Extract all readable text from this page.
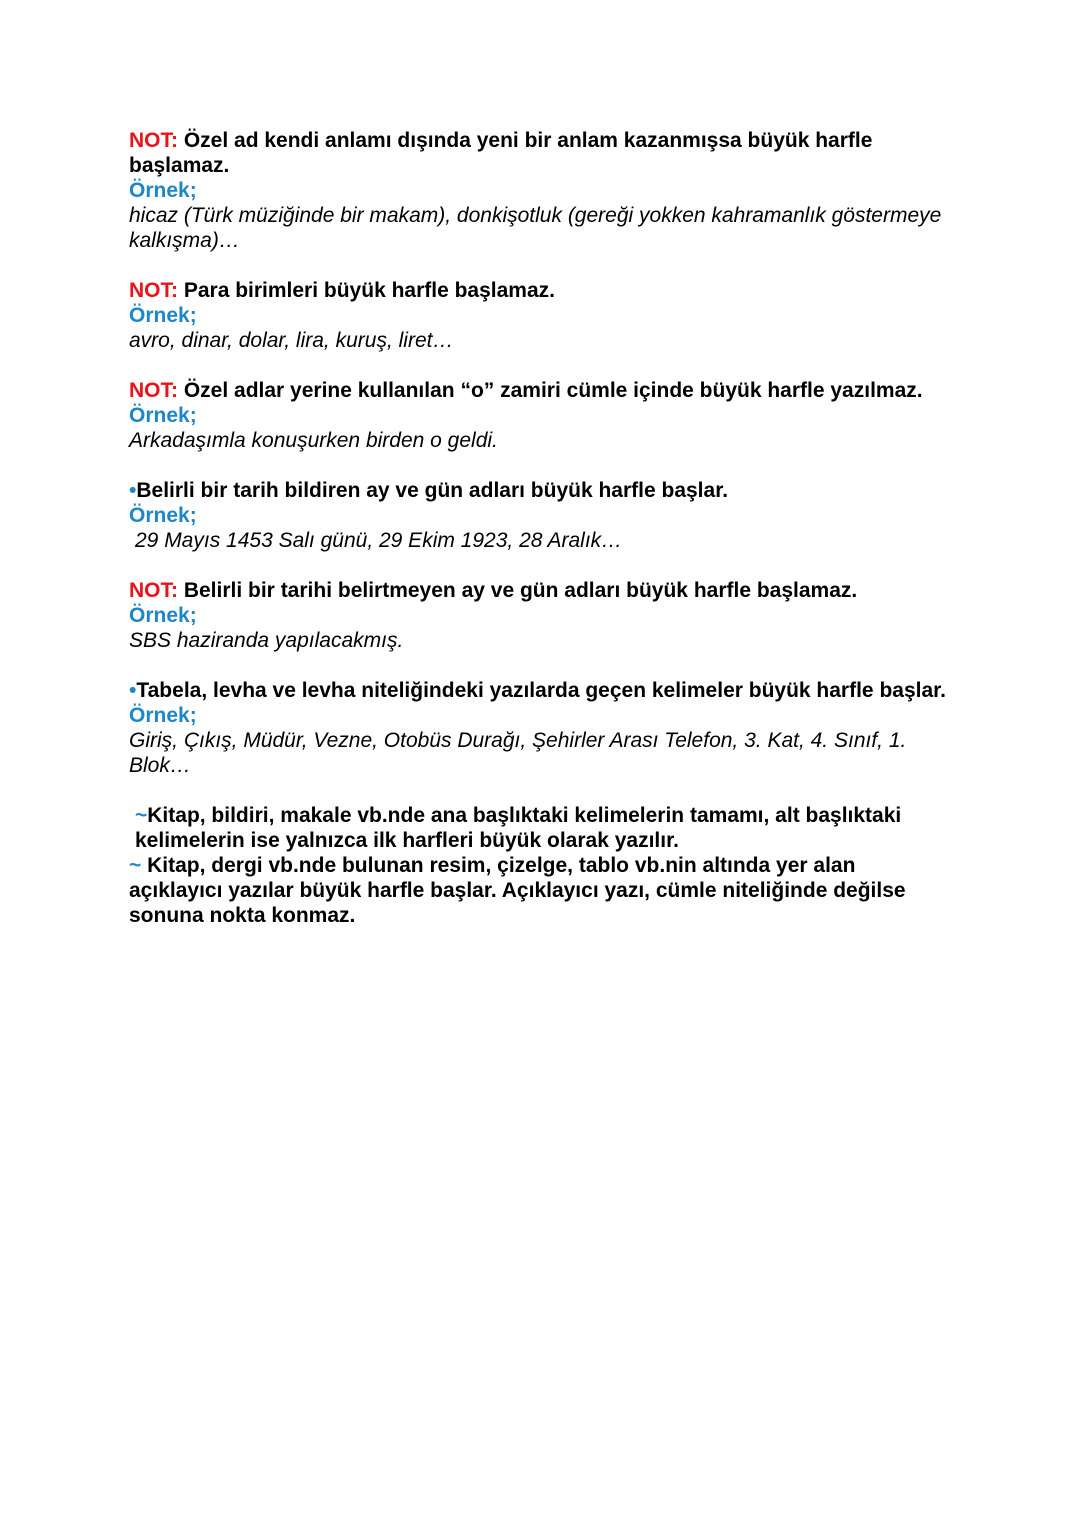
NOT: Özel ad kendi anlamı dışında yeni bir anlam kazanmışsa büyük harfle başlamaz.
Örnek;
hicaz (Türk müziğinde bir makam), donkişotluk (gereği yokken kahramanlık göstermeye kalkışma)…
NOT: Para birimleri büyük harfle başlamaz.
Örnek;
avro, dinar, dolar, lira, kuruş, liret…
NOT: Özel adlar yerine kullanılan “o” zamiri cümle içinde büyük harfle yazılmaz.
Örnek;
Arkadaşımla konuşurken birden o geldi.
•Belirli bir tarih bildiren ay ve gün adları büyük harfle başlar.
Örnek;
29 Mayıs 1453 Salı günü, 29 Ekim 1923, 28 Aralık…
NOT: Belirli bir tarihi belirtmeyen ay ve gün adları büyük harfle başlamaz.
Örnek;
SBS haziranda yapılacakmış.
•Tabela, levha ve levha niteliğindeki yazılarda geçen kelimeler büyük harfle başlar.
Örnek;
Giriş, Çıkış, Müdür, Vezne, Otobüs Durağı, Şehirler Arası Telefon, 3. Kat, 4. Sınıf, 1. Blok…
~Kitap, bildiri, makale vb.nde ana başlıktaki kelimelerin tamamı, alt başlıktaki kelimelerin ise yalnızca ilk harfleri büyük olarak yazılır.
~ Kitap, dergi vb.nde bulunan resim, çizelge, tablo vb.nin altında yer alan açıklayıcı yazılar büyük harfle başlar. Açıklayıcı yazı, cümle niteliğinde değilse sonuna nokta konmaz.
